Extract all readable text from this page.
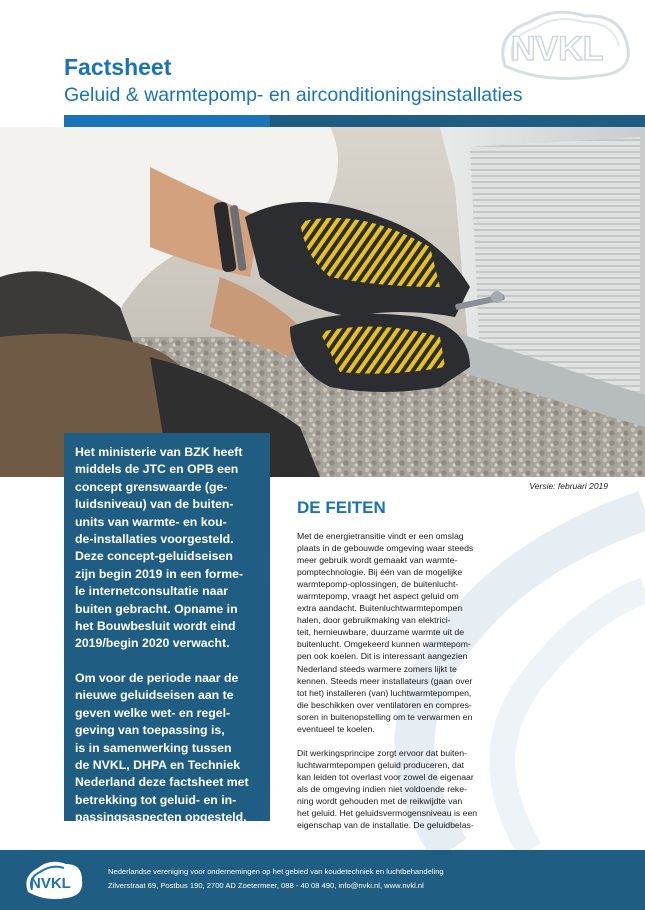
NVKL
Factsheet
Geluid & warmtepomp- en airconditioningsinstallaties

Het ministerie van BZK heeft
middels de JTC en OPB een
concept grenswaarde (ge-
luidsniveau) van de buiten-
units van warmte- en kou-
de-installaties voorgesteld.
Deze concept-geluidseisen
zijn begin 2019 in een forme-
le internetconsultatie naar
buiten gebracht. Opname in
het Bouwbesluit wordt eind
2019/begin 2020 verwacht.

Om voor de periode naar de
nieuwe geluidseisen aan te
geven welke wet- en regel-
geving van toepassing is,
is in samenwerking tussen
de NVKL, DHPA en Techniek
Nederland deze factsheet met
betrekking tot geluid- en in-
passingsaspecten opgesteld.

Versie: februari 2019
DE FEITEN

Met de energietransitie vindt er een omslag
plaats in de gebouwde omgeving waar steeds
meer gebruik wordt gemaakt van warmte-
pomptechnologie. Bij één van de mogelijke
warmtepomp-oplossingen, de buitenlucht-
warmtepomp, vraagt het aspect geluid om
extra aandacht. Buitenluchtwarmtepompen
halen, door gebruikmaking van elektrici-
teit, hernieuwbare, duurzame warmte uit de
buitenlucht. Omgekeerd kunnen warmtepom-
pen ook koelen. Dit is interessant aangezien
Nederland steeds warmere zomers lijkt te
kennen. Steeds meer installateurs (gaan over
tot het) installeren (van) luchtwarmtepompen,
die beschikken over ventilatoren en compres-
soren in buitenopstelling om te verwarmen en
eventueel te koelen.

Dit werkingsprincipe zorgt ervoor dat buiten-
luchtwarmtepompen geluid produceren, dat
kan leiden tot overlast voor zowel de eigenaar
als de omgeving indien niet voldoende reke-
ning wordt gehouden met de reikwijdte van
het geluid. Het geluidsvermogensniveau is een
eigenschap van de installatie. De geluidbelas-

NVKL
Nederlandse vereniging voor ondernemingen op het gebied van koudetechniek en luchtbehandeling
Zilverstraat 69, Postbus 190, 2700 AD Zoetermeer, 088 - 40 08 490, info@nvki.nl, www.nvkl.nl
